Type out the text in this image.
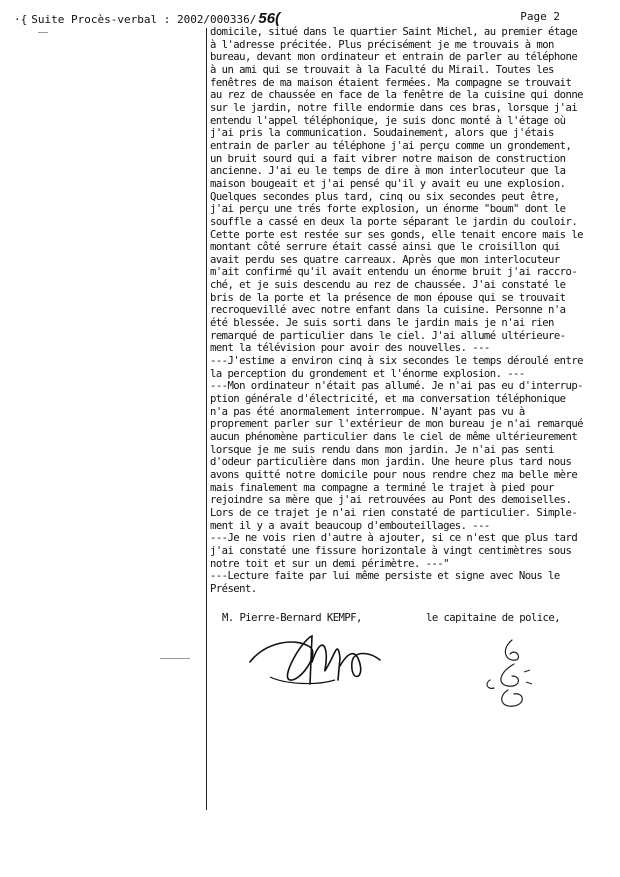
·{ Suite Procès-verbal : 2002/000336/ 56(	Page 2
domicile, situé dans le quartier Saint Michel, au premier étage
à l'adresse précitée. Plus précisément je me trouvais à mon
bureau, devant mon ordinateur et entrain de parler au téléphone
à un ami qui se trouvait à la Faculté du Mirail. Toutes les
fenêtres de ma maison étaient fermées. Ma compagne se trouvait
au rez de chaussée en face de la fenêtre de la cuisine qui donne
sur le jardin, notre fille endormie dans ces bras, lorsque j'ai
entendu l'appel téléphonique, je suis donc monté à l'étage où
j'ai pris la communication. Soudainement, alors que j'étais
entrain de parler au téléphone j'ai perçu comme un grondement,
un bruit sourd qui a fait vibrer notre maison de construction
ancienne. J'ai eu le temps de dire à mon interlocuteur que la
maison bougeait et j'ai pensé qu'il y avait eu une explosion.
Quelques secondes plus tard, cinq ou six secondes peut être,
j'ai perçu une trés forte explosion, un énorme "boum" dont le
souffle a cassé en deux la porte séparant le jardin du couloir.
Cette porte est restée sur ses gonds, elle tenait encore mais le
montant côté serrure était cassé ainsi que le croisillon qui
avait perdu ses quatre carreaux. Après que mon interlocuteur
m'ait confirmé qu'il avait entendu un énorme bruit j'ai raccro-
ché, et je suis descendu au rez de chaussée. J'ai constaté le
bris de la porte et la présence de mon épouse qui se trouvait
recroquevillé avec notre enfant dans la cuisine. Personne n'a
été blessée. Je suis sorti dans le jardin mais je n'ai rien
remarqué de particulier dans le ciel. J'ai allumé ultérieure-
ment la télévision pour avoir des nouvelles. ---
---J'estime a environ cinq à six secondes le temps déroulé entre
la perception du grondement et l'énorme explosion. ---
---Mon ordinateur n'était pas allumé. Je n'ai pas eu d'interrup-
ption générale d'électricité, et ma conversation téléphonique
n'a pas été anormalement interrompue. N'ayant pas vu à
proprement parler sur l'extérieur de mon bureau je n'ai remarqué
aucun phénomène particulier dans le ciel de même ultérieurement
lorsque je me suis rendu dans mon jardin. Je n'ai pas senti
d'odeur particulière dans mon jardin. Une heure plus tard nous
avons quitté notre domicile pour nous rendre chez ma belle mère
mais finalement ma compagne a terminé le trajet à pied pour
rejoindre sa mère que j'ai retrouvées au Pont des demoiselles.
Lors de ce trajet je n'ai rien constaté de particulier. Simple-
ment il y a avait beaucoup d'embouteillages. ---
---Je ne vois rien d'autre à ajouter, si ce n'est que plus tard
j'ai constaté une fissure horizontale à vingt centimètres sous
notre toit et sur un demi périmètre. ---"
---Lecture faite par lui même persiste et signe avec Nous le
Présent.
M. Pierre-Bernard KEMPF,	le capitaine de police,
